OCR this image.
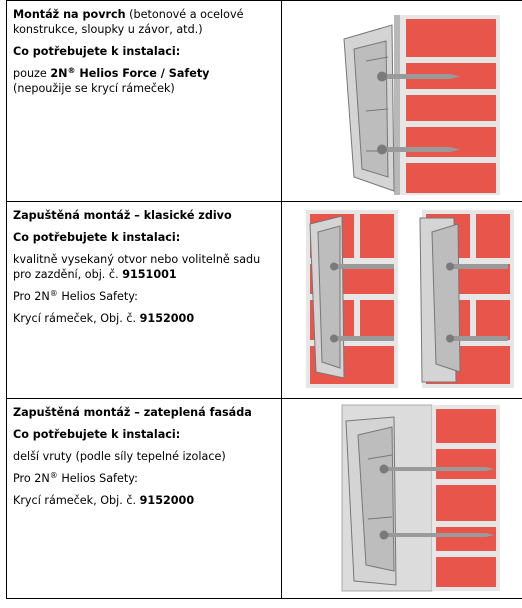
Montáž na povrch (betonové a ocelové konstrukce, sloupky u závor, atd.)

Co potřebujete k instalaci:

pouze 2N® Helios Force / Safety

(nepoužije se krycí rámeček)

Zapuštěná montáž – klasické zdivo

Co potřebujete k instalaci:

kvalitně vysekaný otvor nebo volitelně sadu pro zazdění, obj. č. 9151001

Pro 2N® Helios Safety:

Krycí rámeček, Obj. č. 9152000

Zapuštěná montáž – zateplená fasáda

Co potřebujete k instalaci:

delší vruty (podle síly tepelné izolace)

Pro 2N® Helios Safety:

Krycí rámeček, Obj. č. 9152000
